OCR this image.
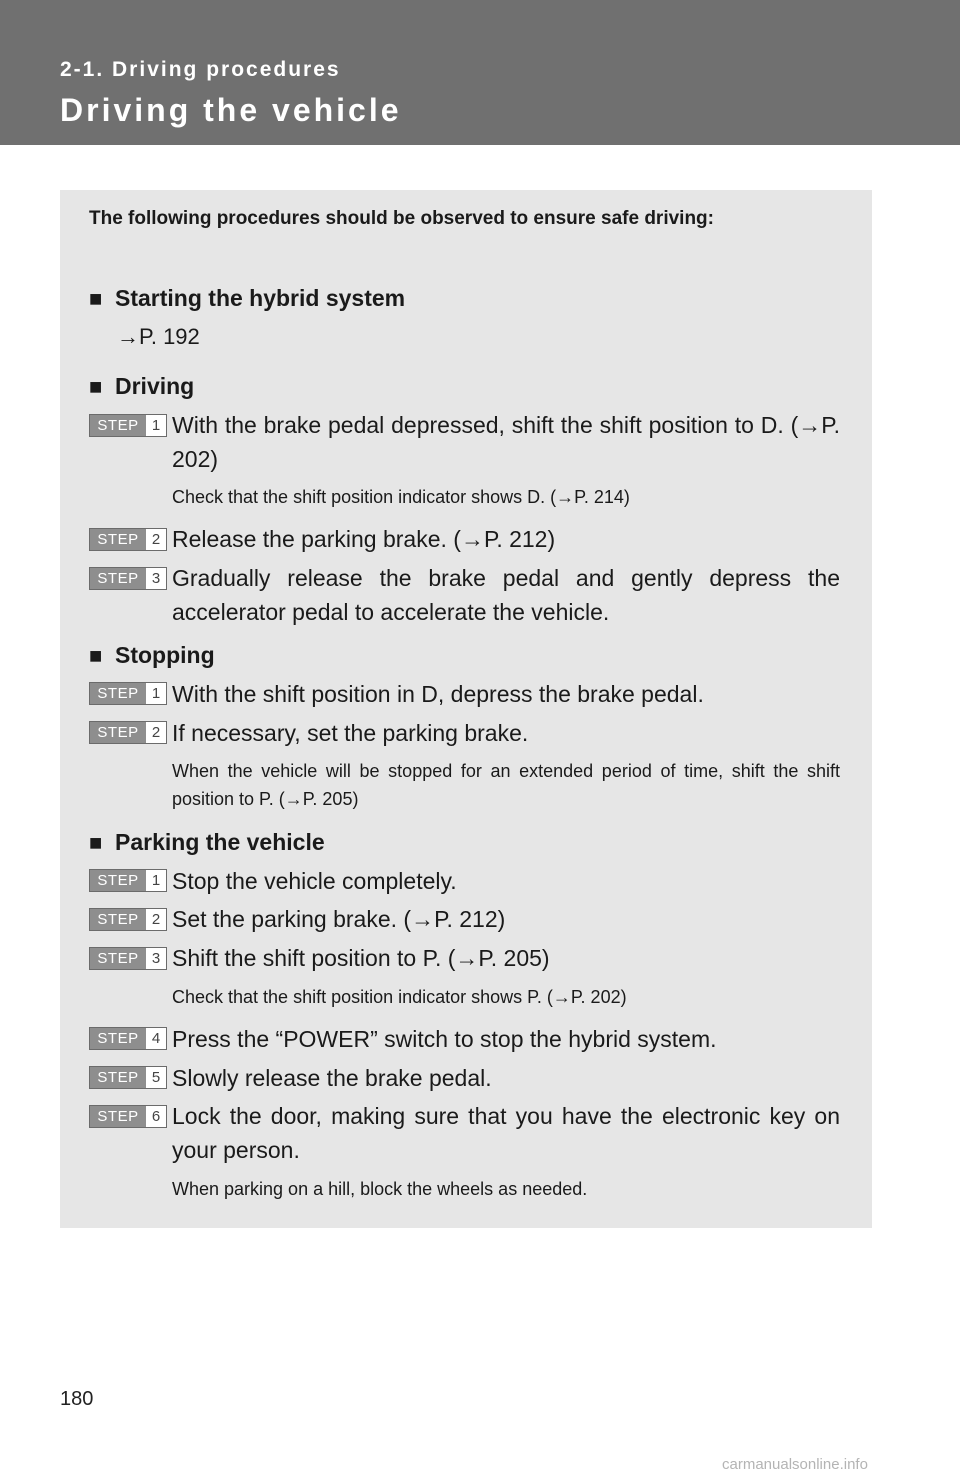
2-1. Driving procedures
Driving the vehicle
The following procedures should be observed to ensure safe driving:
■ Starting the hybrid system
→P. 192
■ Driving
STEP 1 With the brake pedal depressed, shift the shift position to D. (→P. 202)
Check that the shift position indicator shows D. (→P. 214)
STEP 2 Release the parking brake. (→P. 212)
STEP 3 Gradually release the brake pedal and gently depress the accelerator pedal to accelerate the vehicle.
■ Stopping
STEP 1 With the shift position in D, depress the brake pedal.
STEP 2 If necessary, set the parking brake.
When the vehicle will be stopped for an extended period of time, shift the shift position to P. (→P. 205)
■ Parking the vehicle
STEP 1 Stop the vehicle completely.
STEP 2 Set the parking brake. (→P. 212)
STEP 3 Shift the shift position to P. (→P. 205)
Check that the shift position indicator shows P. (→P. 202)
STEP 4 Press the “POWER” switch to stop the hybrid system.
STEP 5 Slowly release the brake pedal.
STEP 6 Lock the door, making sure that you have the electronic key on your person.
When parking on a hill, block the wheels as needed.
180
carmanualsonline.info
